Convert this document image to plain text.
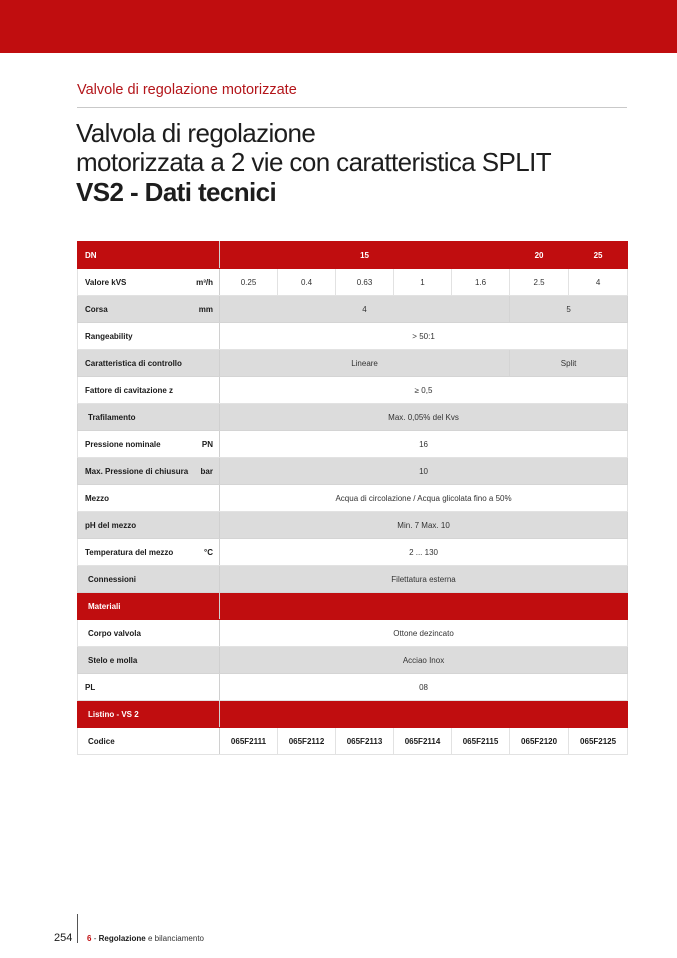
Valvole di regolazione motorizzate
Valvola di regolazione
motorizzata a 2 vie con caratteristica SPLIT
VS2 - Dati tecnici
DN	15					20	25

Valore kVS m³/h	0.25	0.4	0.63	1	1.6	2.5	4

Corsa mm	4					5	

Rangeability	> 50:1						

Caratteristica di controllo	Lineare					Split	

Fattore di cavitazione z	≥ 0,5						

Trafilamento	Max. 0,05% del Kvs						

Pressione nominale PN	16						

Max. Pressione di chiusura bar	10						

Mezzo	Acqua di circolazione / Acqua glicolata fino a 50%						

pH del mezzo	Min. 7 Max. 10						

Temperatura del mezzo °C	2 ... 130						

Connessioni	Filettatura esterna						

Materiali							

Corpo valvola	Ottone dezincato						

Stelo e molla	Acciao Inox						

PL	08						

Listino - VS 2							

Codice	065F2111	065F2112	065F2113	065F2114	065F2115	065F2120	065F2125
254 6 - Regolazione e bilanciamento
